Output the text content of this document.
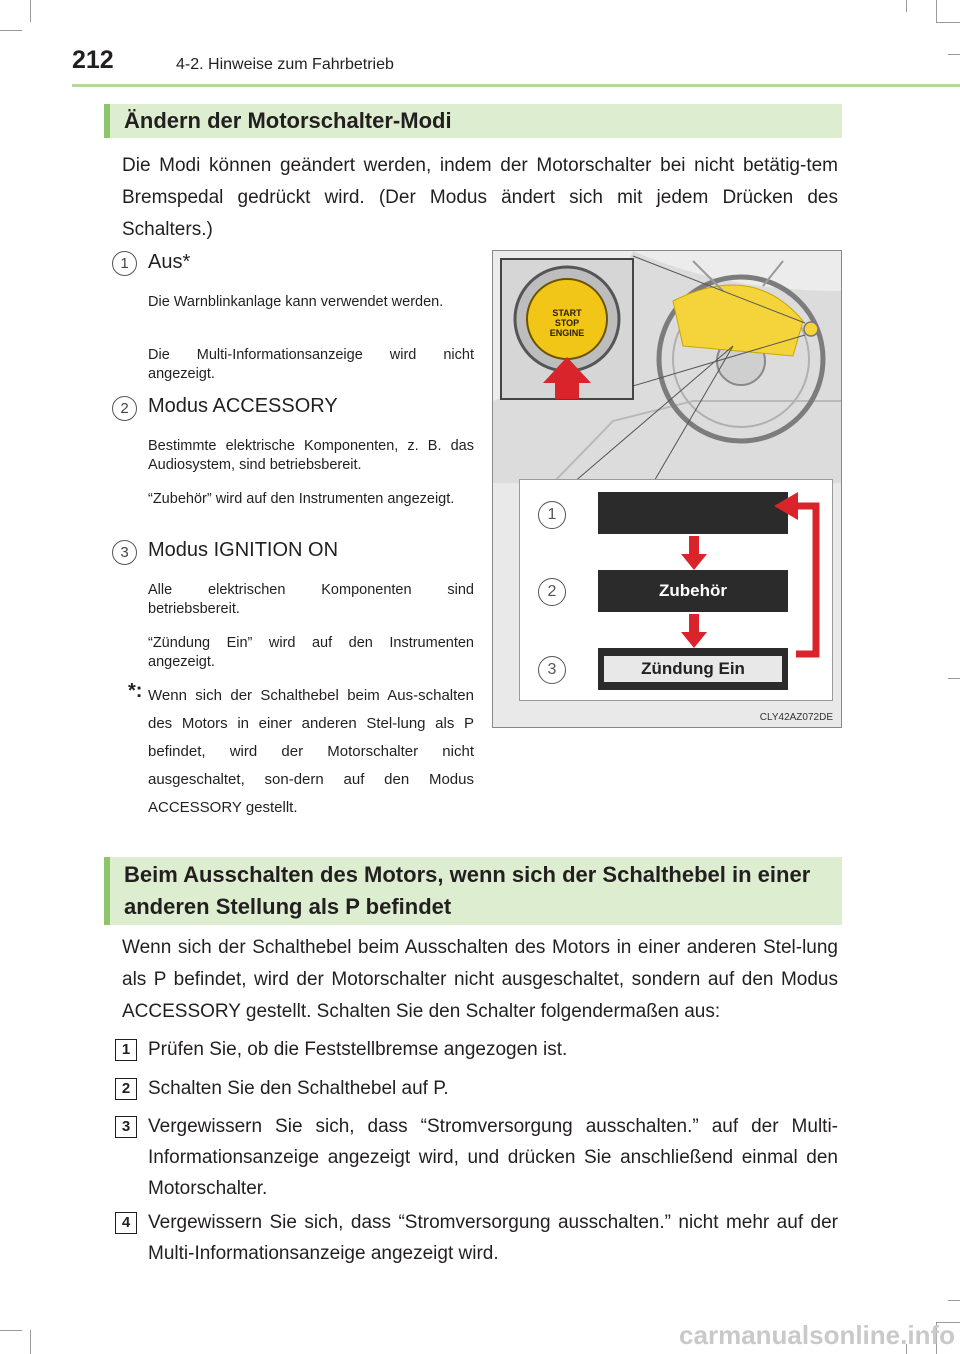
212	4-2. Hinweise zum Fahrbetrieb
Ändern der Motorschalter-Modi
Die Modi können geändert werden, indem der Motorschalter bei nicht betätig-tem Bremspedal gedrückt wird. (Der Modus ändert sich mit jedem Drücken des Schalters.)
1 Aus*
Die Warnblinkanlage kann verwendet werden.
Die Multi-Informationsanzeige wird nicht angezeigt.
2 Modus ACCESSORY
Bestimmte elektrische Komponenten, z. B. das Audiosystem, sind betriebsbereit.
“Zubehör” wird auf den Instrumenten angezeigt.
3 Modus IGNITION ON
Alle elektrischen Komponenten sind betriebsbereit.
“Zündung Ein” wird auf den Instrumenten angezeigt.
*: Wenn sich der Schalthebel beim Aus-schalten des Motors in einer anderen Stel-lung als P befindet, wird der Motorschalter nicht ausgeschaltet, son-dern auf den Modus ACCESSORY gestellt.
START
STOP
ENGINE
1
2	Zubehör
3	Zündung Ein
CLY42AZ072DE
Beim Ausschalten des Motors, wenn sich der Schalthebel in einer anderen Stellung als P befindet
Wenn sich der Schalthebel beim Ausschalten des Motors in einer anderen Stel-lung als P befindet, wird der Motorschalter nicht ausgeschaltet, sondern auf den Modus ACCESSORY gestellt. Schalten Sie den Schalter folgendermaßen aus:
1 Prüfen Sie, ob die Feststellbremse angezogen ist.
2 Schalten Sie den Schalthebel auf P.
3 Vergewissern Sie sich, dass “Stromversorgung ausschalten.” auf der Multi-Informationsanzeige angezeigt wird, und drücken Sie anschließend einmal den Motorschalter.
4 Vergewissern Sie sich, dass “Stromversorgung ausschalten.” nicht mehr auf der Multi-Informationsanzeige angezeigt wird.
carmanualsonline.info
